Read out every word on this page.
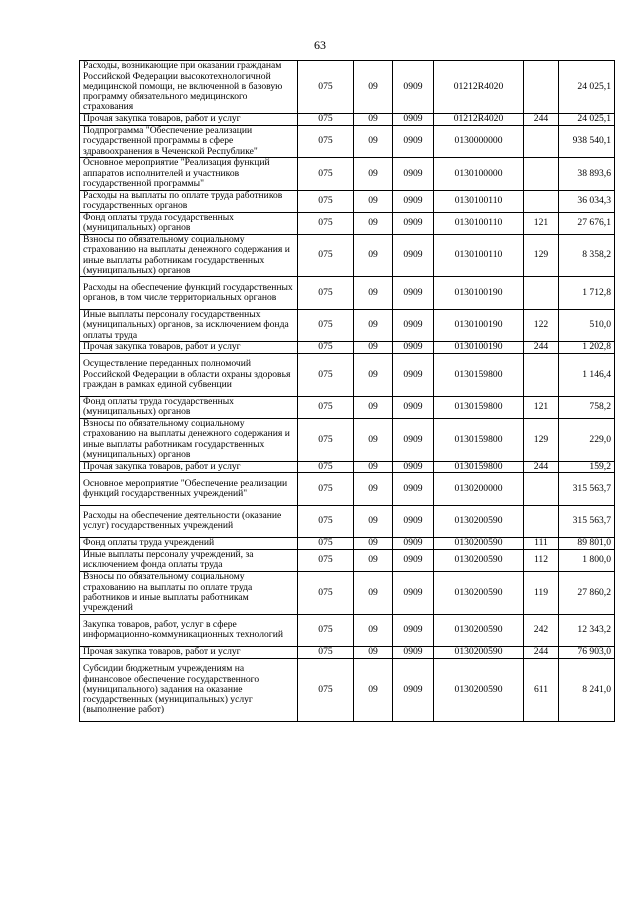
63
Расходы, возникающие при оказании гражданам Российской Федерации высокотехнологичной медицинской помощи, не включенной в базовую программу обязательного медицинского страхования	075	09	0909	01212R4020		24 025,1
Прочая закупка товаров, работ и услуг	075	09	0909	01212R4020	244	24 025,1
Подпрограмма "Обеспечение реализации государственной программы в сфере здравоохранения в Чеченской Республике"	075	09	0909	0130000000		938 540,1
Основное мероприятие "Реализация функций аппаратов исполнителей и участников государственной программы"	075	09	0909	0130100000		38 893,6
Расходы на выплаты по оплате труда работников государственных органов	075	09	0909	0130100110		36 034,3
Фонд оплаты труда государственных (муниципальных) органов	075	09	0909	0130100110	121	27 676,1
Взносы по обязательному социальному страхованию на выплаты денежного содержания и иные выплаты работникам государственных (муниципальных) органов	075	09	0909	0130100110	129	8 358,2
Расходы на обеспечение функций государственных органов, в том числе территориальных органов	075	09	0909	0130100190		1 712,8
Иные выплаты персоналу государственных (муниципальных) органов, за исключением фонда оплаты труда	075	09	0909	0130100190	122	510,0
Прочая закупка товаров, работ и услуг	075	09	0909	0130100190	244	1 202,8
Осуществление переданных полномочий Российской Федерации в области охраны здоровья граждан в рамках единой субвенции	075	09	0909	0130159800		1 146,4
Фонд оплаты труда государственных (муниципальных) органов	075	09	0909	0130159800	121	758,2
Взносы по обязательному социальному страхованию на выплаты денежного содержания и иные выплаты работникам государственных (муниципальных) органов	075	09	0909	0130159800	129	229,0
Прочая закупка товаров, работ и услуг	075	09	0909	0130159800	244	159,2
Основное мероприятие "Обеспечение реализации функций государственных учреждений"	075	09	0909	0130200000		315 563,7
Расходы на обеспечение деятельности (оказание услуг) государственных учреждений	075	09	0909	0130200590		315 563,7
Фонд оплаты труда учреждений	075	09	0909	0130200590	111	89 801,0
Иные выплаты персоналу учреждений, за исключением фонда оплаты труда	075	09	0909	0130200590	112	1 800,0
Взносы по обязательному социальному страхованию на выплаты по оплате труда работников и иные выплаты работникам учреждений	075	09	0909	0130200590	119	27 860,2
Закупка товаров, работ, услуг в сфере информационно-коммуникационных технологий	075	09	0909	0130200590	242	12 343,2
Прочая закупка товаров, работ и услуг	075	09	0909	0130200590	244	76 903,0
Субсидии бюджетным учреждениям на финансовое обеспечение государственного (муниципального) задания на оказание государственных (муниципальных) услуг (выполнение работ)	075	09	0909	0130200590	611	8 241,0
